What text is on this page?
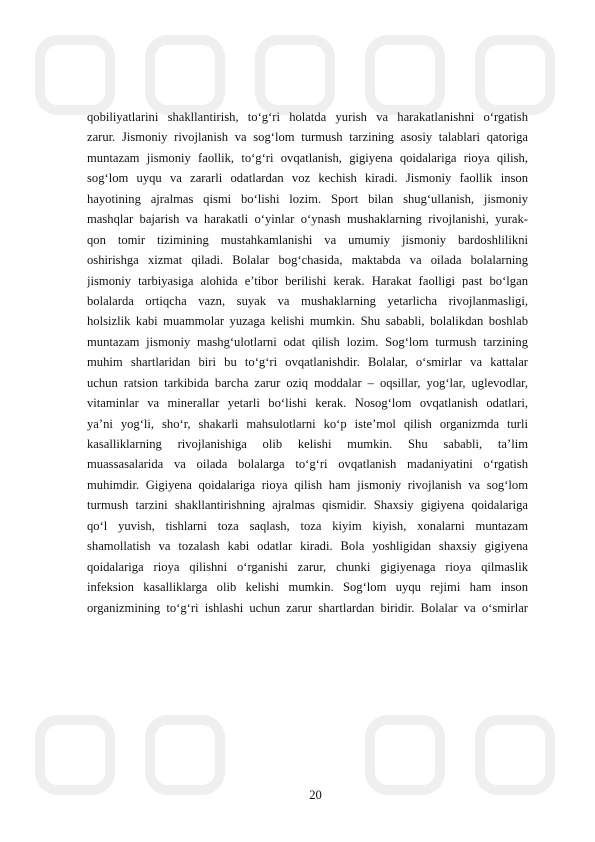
qobiliyatlarini shakllantirish, to‘g‘ri holatda yurish va harakatlanishni o‘rgatish
zarur. Jismoniy rivojlanish va sog‘lom turmush tarzining asosiy talablari qatoriga
muntazam jismoniy faollik, to‘g‘ri ovqatlanish, gigiyena qoidalariga rioya qilish,
sog‘lom uyqu va zararli odatlardan voz kechish kiradi. Jismoniy faollik inson
hayotining ajralmas qismi bo‘lishi lozim. Sport bilan shug‘ullanish, jismoniy
mashqlar bajarish va harakatli o‘yinlar o‘ynash mushaklarning rivojlanishi, yurak-
qon tomir tizimining mustahkamlanishi va umumiy jismoniy bardoshlilikni
oshirishga xizmat qiladi. Bolalar bog‘chasida, maktabda va oilada bolalarning
jismoniy tarbiyasiga alohida e’tibor berilishi kerak. Harakat faolligi past bo‘lgan
bolalarda ortiqcha vazn, suyak va mushaklarning yetarlicha rivojlanmasligi,
holsizlik kabi muammolar yuzaga kelishi mumkin. Shu sababli, bolalikdan boshlab
muntazam jismoniy mashg‘ulotlarni odat qilish lozim. Sog‘lom turmush tarzining
muhim shartlaridan biri bu to‘g‘ri ovqatlanishdir. Bolalar, o‘smirlar va kattalar
uchun ratsion tarkibida barcha zarur oziq moddalar – oqsillar, yog‘lar, uglevodlar,
vitaminlar va minerallar yetarli bo‘lishi kerak. Nosog‘lom ovqatlanish odatlari,
ya’ni yog‘li, sho‘r, shakarli mahsulotlarni ko‘p iste’mol qilish organizmda turli
kasalliklarning rivojlanishiga olib kelishi mumkin. Shu sababli, ta’lim
muassasalarida va oilada bolalarga to‘g‘ri ovqatlanish madaniyatini o‘rgatish
muhimdir. Gigiyena qoidalariga rioya qilish ham jismoniy rivojlanish va sog‘lom
turmush tarzini shakllantirishning ajralmas qismidir. Shaxsiy gigiyena qoidalariga
qo‘l yuvish, tishlarni toza saqlash, toza kiyim kiyish, xonalarni muntazam
shamollatish va tozalash kabi odatlar kiradi. Bola yoshligidan shaxsiy gigiyena
qoidalariga rioya qilishni o‘rganishi zarur, chunki gigiyenaga rioya qilmaslik
infeksion kasalliklarga olib kelishi mumkin. Sog‘lom uyqu rejimi ham inson
organizmining to‘g‘ri ishlashi uchun zarur shartlardan biridir. Bolalar va o‘smirlar
20
